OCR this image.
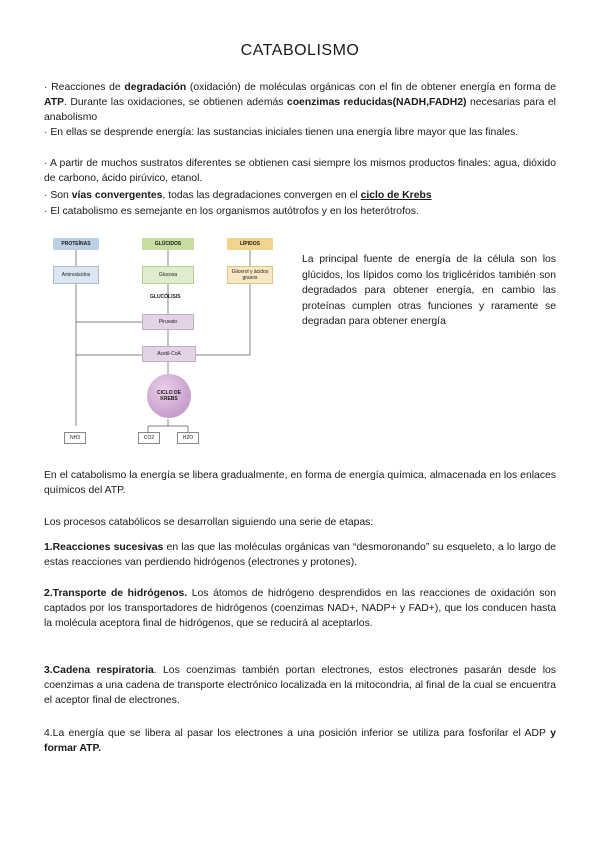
CATABOLISMO

· Reacciones de degradación (oxidación) de moléculas orgánicas con el fin de obtener energía en forma de ATP. Durante las oxidaciones, se obtienen además coenzimas reducidas(NADH,FADH2) necesarias para el anabolismo

· En ellas se desprende energía: las sustancias iniciales tienen una energía libre mayor que las finales.

· A partir de muchos sustratos diferentes se obtienen casi siempre los mismos productos finales: agua, dióxido de carbono, ácido pirúvico, etanol.

· Son vías convergentes, todas las degradaciones convergen en el ciclo de Krebs

· El catabolismo es semejante en los organismos autótrofos y en los heterótrofos.

PROTEÍNAS	GLÚCIDOS	LÍPIDOS
Aminoácidos	Glucosa	Glicerol y ácidos grasos
GLUCÓLISIS
Piruvato
Acetil-CoA
CICLO DE KREBS
NH3	CO2	H2O

La principal fuente de energía de la célula son los glúcidos, los lípidos como los triglicéridos también son degradados para obtener energía, en cambio las proteínas cumplen otras funciones y raramente se degradan para obtener energía

En el catabolismo la energía se libera gradualmente, en forma de energía química, almacenada en los enlaces químicos del ATP.

Los procesos catabólicos se desarrollan siguiendo una serie de etapas:

1.Reacciones sucesivas en las que las moléculas orgánicas van “desmoronando” su esqueleto, a lo largo de estas reacciones van perdiendo hidrógenos (electrones y protones).

2.Transporte de hidrógenos. Los átomos de hidrógeno desprendidos en las reacciones de oxidación son captados por los transportadores de hidrógenos (coenzimas NAD+, NADP+ y FAD+), que los conducen hasta la molécula aceptora final de hidrógenos, que se reducirá al aceptarlos.

3.Cadena respiratoria. Los coenzimas también portan electrones, estos electrones pasarán desde los coenzimas a una cadena de transporte electrónico localizada en la mitocondria, al final de la cual se encuentra el aceptor final de electrones.

4.La energía que se libera al pasar los electrones a una posición inferior se utiliza para fosforilar el ADP y formar ATP.
